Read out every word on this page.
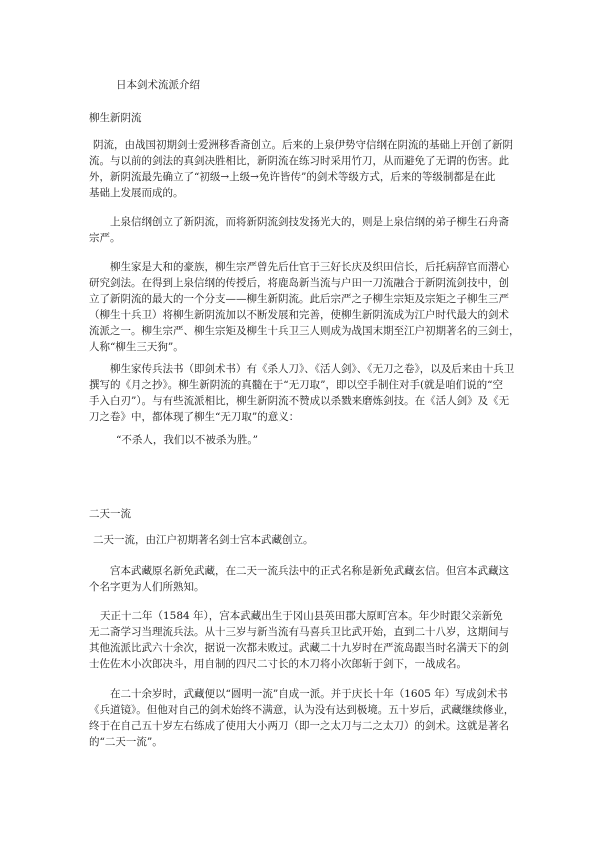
日本剑术流派介绍
柳生新阴流

阴流，由战国初期剑士爱洲移香斋创立。后来的上泉伊势守信纲在阴流的基础上开创了新阴

流。与以前的剑法的真剑决胜相比，新阴流在练习时采用竹刀，从而避免了无谓的伤害。此

外，新阴流最先确立了“初级→上级→免许皆传”的剑术等级方式，后来的等级制都是在此

基础上发展而成的。

上泉信纲创立了新阴流，而将新阴流剑技发扬光大的，则是上泉信纲的弟子柳生石舟斋

宗严。

柳生家是大和的豪族，柳生宗严曾先后仕官于三好长庆及织田信长，后托病辞官而潜心

研究剑法。在得到上泉信纲的传授后，将鹿岛新当流与户田一刀流融合于新阴流剑技中，创

立了新阴流的最大的一个分支——柳生新阴流。此后宗严之子柳生宗矩及宗矩之子柳生三严

（柳生十兵卫）将柳生新阴流加以不断发展和完善，使柳生新阴流成为江户时代最大的剑术

流派之一。柳生宗严、柳生宗矩及柳生十兵卫三人则成为战国末期至江户初期著名的三剑士，

人称“柳生三天狗”。

柳生家传兵法书（即剑术书）有《杀人刀》、《活人剑》、《无刀之卷》，以及后来由十兵卫

撰写的《月之抄》。柳生新阴流的真髓在于“无刀取”，即以空手制住对手(就是咱们说的“空

手入白刃”）。与有些流派相比，柳生新阴流不赞成以杀戮来磨炼剑技。在《活人剑》及《无

刀之卷》中，都体现了柳生“无刀取”的意义：

“不杀人，我们以不被杀为胜。”
二天一流

二天一流，由江户初期著名剑士宫本武藏创立。

宫本武藏原名新免武藏，在二天一流兵法中的正式名称是新免武藏玄信。但宫本武藏这

个名字更为人们所熟知。

天正十二年（1584 年），宫本武藏出生于冈山县英田郡大原町宫本。年少时跟父亲新免

无二斋学习当理流兵法。从十三岁与新当流有马喜兵卫比武开始，直到二十八岁，这期间与

其他流派比武六十余次，据说一次都未败过。武藏二十九岁时在严流岛跟当时名满天下的剑

士佐佐木小次郎决斗，用自制的四尺二寸长的木刀将小次郎斩于剑下，一战成名。

在二十余岁时，武藏便以“圆明一流”自成一派。并于庆长十年（1605 年）写成剑术书

《兵道镜》。但他对自己的剑术始终不满意，认为没有达到极境。五十岁后，武藏继续修业，

终于在自己五十岁左右练成了使用大小两刀（即一之太刀与二之太刀）的剑术。这就是著名

的“二天一流”。
